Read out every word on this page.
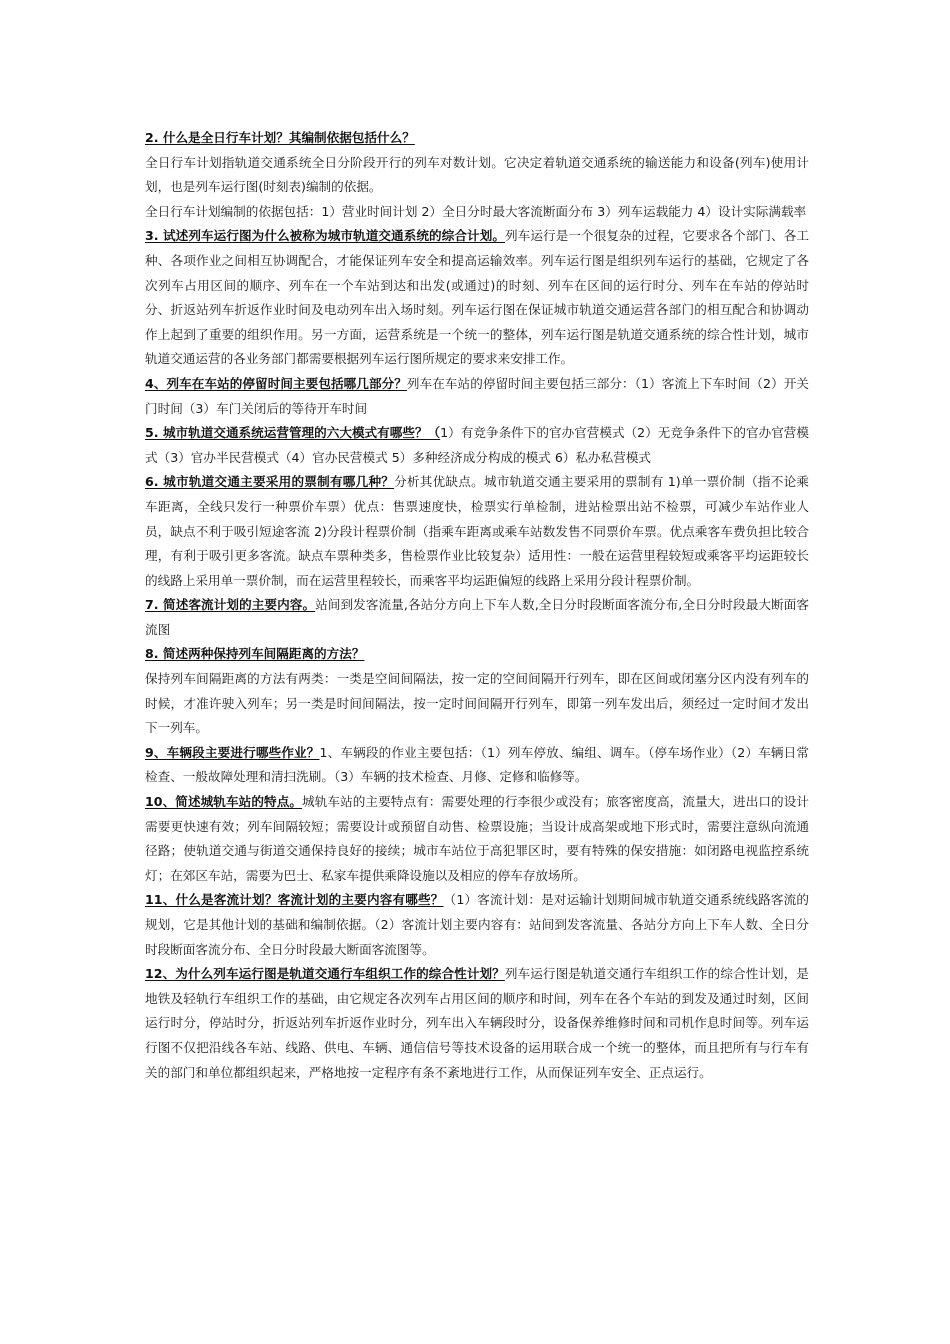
2. 什么是全日行车计划？其编制依据包括什么？

全日行车计划指轨道交通系统全日分阶段开行的列车对数计划。它决定着轨道交通系统的输送能力和设备(列车)使用计划，也是列车运行图(时刻表)编制的依据。

全日行车计划编制的依据包括：1）营业时间计划 2）全日分时最大客流断面分布 3）列车运载能力 4）设计实际满载率

3. 试述列车运行图为什么被称为城市轨道交通系统的综合计划。列车运行是一个很复杂的过程，它要求各个部门、各工种、各项作业之间相互协调配合，才能保证列车安全和提高运输效率。列车运行图是组织列车运行的基础，它规定了各次列车占用区间的顺序、列车在一个车站到达和出发(或通过)的时刻、列车在区间的运行时分、列车在车站的停站时分、折返站列车折返作业时间及电动列车出入场时刻。列车运行图在保证城市轨道交通运营各部门的相互配合和协调动作上起到了重要的组织作用。另一方面，运营系统是一个统一的整体，列车运行图是轨道交通系统的综合性计划，城市轨道交通运营的各业务部门都需要根据列车运行图所规定的要求来安排工作。

4、列车在车站的停留时间主要包括哪几部分？列车在车站的停留时间主要包括三部分：（1）客流上下车时间（2）开关门时间（3）车门关闭后的等待开车时间

5. 城市轨道交通系统运营管理的六大模式有哪些？（1）有竞争条件下的官办官营模式（2）无竞争条件下的官办官营模式（3）官办半民营模式（4）官办民营模式 5）多种经济成分构成的模式 6）私办私营模式

6. 城市轨道交通主要采用的票制有哪几种？分析其优缺点。城市轨道交通主要采用的票制有 1)单一票价制（指不论乘车距离，全线只发行一种票价车票）优点：售票速度快，检票实行单检制，进站检票出站不检票，可减少车站作业人员，缺点不利于吸引短途客流 2)分段计程票价制（指乘车距离或乘车站数发售不同票价车票。优点乘客车费负担比较合理，有利于吸引更多客流。缺点车票种类多，售检票作业比较复杂）适用性：一般在运营里程较短或乘客平均运距较长的线路上采用单一票价制，而在运营里程较长，而乘客平均运距偏短的线路上采用分段计程票价制。

7. 简述客流计划的主要内容。站间到发客流量,各站分方向上下车人数,全日分时段断面客流分布,全日分时段最大断面客流图

8. 简述两种保持列车间隔距离的方法？

保持列车间隔距离的方法有两类：一类是空间间隔法，按一定的空间间隔开行列车，即在区间或闭塞分区内没有列车的时候，才准许驶入列车；另一类是时间间隔法，按一定时间间隔开行列车，即第一列车发出后，须经过一定时间才发出下一列车。

9、车辆段主要进行哪些作业？1、车辆段的作业主要包括：（1）列车停放、编组、调车。（停车场作业）（2）车辆日常检查、一般故障处理和清扫洗刷。（3）车辆的技术检查、月修、定修和临修等。

10、简述城轨车站的特点。城轨车站的主要特点有：需要处理的行李很少或没有；旅客密度高，流量大，进出口的设计需要更快速有效；列车间隔较短；需要设计或预留自动售、检票设施；当设计成高架或地下形式时，需要注意纵向流通径路；使轨道交通与街道交通保持良好的接续；城市车站位于高犯罪区时，要有特殊的保安措施：如闭路电视监控系统灯；在郊区车站，需要为巴士、私家车提供乘降设施以及相应的停车存放场所。

11、什么是客流计划？客流计划的主要内容有哪些？（1）客流计划：是对运输计划期间城市轨道交通系统线路客流的规划，它是其他计划的基础和编制依据。（2）客流计划主要内容有：站间到发客流量、各站分方向上下车人数、全日分时段断面客流分布、全日分时段最大断面客流图等。

12、为什么列车运行图是轨道交通行车组织工作的综合性计划？列车运行图是轨道交通行车组织工作的综合性计划，是地铁及轻轨行车组织工作的基础，由它规定各次列车占用区间的顺序和时间，列车在各个车站的到发及通过时刻，区间运行时分，停站时分，折返站列车折返作业时分，列车出入车辆段时分，设备保养维修时间和司机作息时间等。列车运行图不仅把沿线各车站、线路、供电、车辆、通信信号等技术设备的运用联合成一个统一的整体，而且把所有与行车有关的部门和单位都组织起来，严格地按一定程序有条不紊地进行工作，从而保证列车安全、正点运行。
